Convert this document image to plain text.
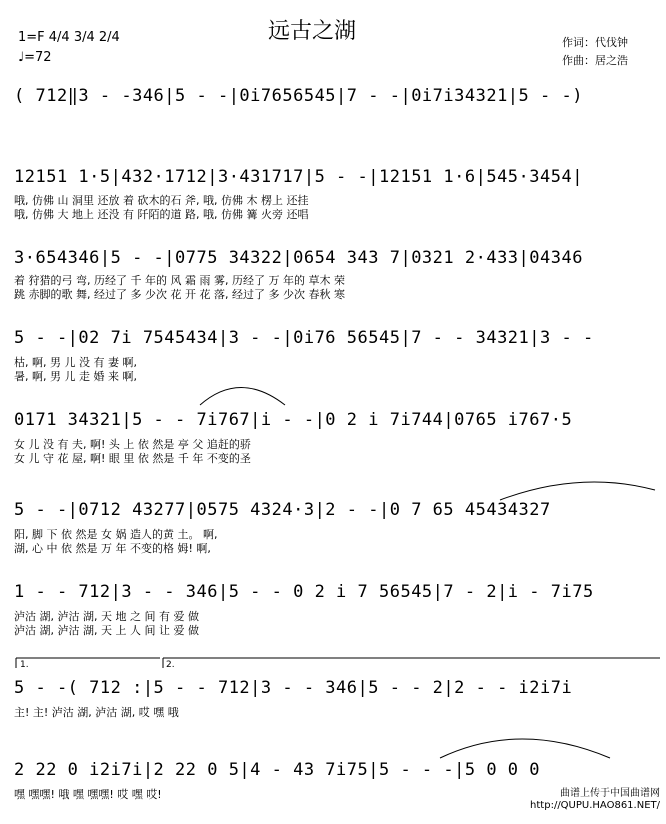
远古之湖
1=F 4/4 3/4 2/4
♩=72
作词：代伐钟
作曲：居之浩
( 712‖3 - -346|5 - -|0i7656545|7 - -|0i7i34321|5 - -)
12151 1·5|432·1712|3·431717|5 - -|12151 1·6|545·3454|
哦, 仿佛 山 洞里 还放 着 砍木的石 斧, 哦, 仿佛 木 楞上 还挂
哦, 仿佛 大 地上 还没 有 阡陌的道 路, 哦, 仿佛 篝 火旁 还唱
3·654346|5 - -|0775 34322|0654 343 7|0321 2·433|04346
着 狩猎的弓 弯, 历经了 千 年的 风 霜 雨 雾, 历经了 万 年的 草木 荣
跳 赤脚的歌 舞, 经过了 多 少次 花 开 花 落, 经过了 多 少次 春秋 寒
5 - -|02 7i 7545434|3 - -|0i76 56545|7 - - 34321|3 - -
枯, 啊, 男 儿 没 有 妻 啊,
暑, 啊, 男 儿 走 婚 来 啊,
0171 34321|5 - - 7i767|i - -|0 2 i 7i744|0765 i767·5
女 儿 没 有 夫, 啊! 头 上 依 然是 亭 父 追赶的骄
女 儿 守 花 屋, 啊! 眼 里 依 然是 千 年 不变的圣
5 - -|0712 43277|0575 4324·3|2 - -|0 7 65 45434327
阳, 脚 下 依 然是 女 娲 造人的黄 土。 啊,
湖, 心 中 依 然是 万 年 不变的格 姆! 啊,
1 - - 712|3 - - 346|5 - - 0 2 i 7 56545|7 - 2|i - 7i75
泸沽 湖, 泸沽 湖, 天 地 之 间 有 爱 做
泸沽 湖, 泸沽 湖, 天 上 人 间 让 爱 做
1.	2.
5 - -( 712 :|5 - - 712|3 - - 346|5 - - 2|2 - - i2i7i
主! 主! 泸沽 湖, 泸沽 湖, 哎 嘿 哦
2 22 0 i2i7i|2 22 0 5|4 - 43 7i75|5 - - -|5 0 0 0
嘿 嘿嘿! 哦 嘿 嘿嘿! 哎 嘿 哎!	曲谱上传于中国曲谱网
http://QUPU.HAO861.NET/
